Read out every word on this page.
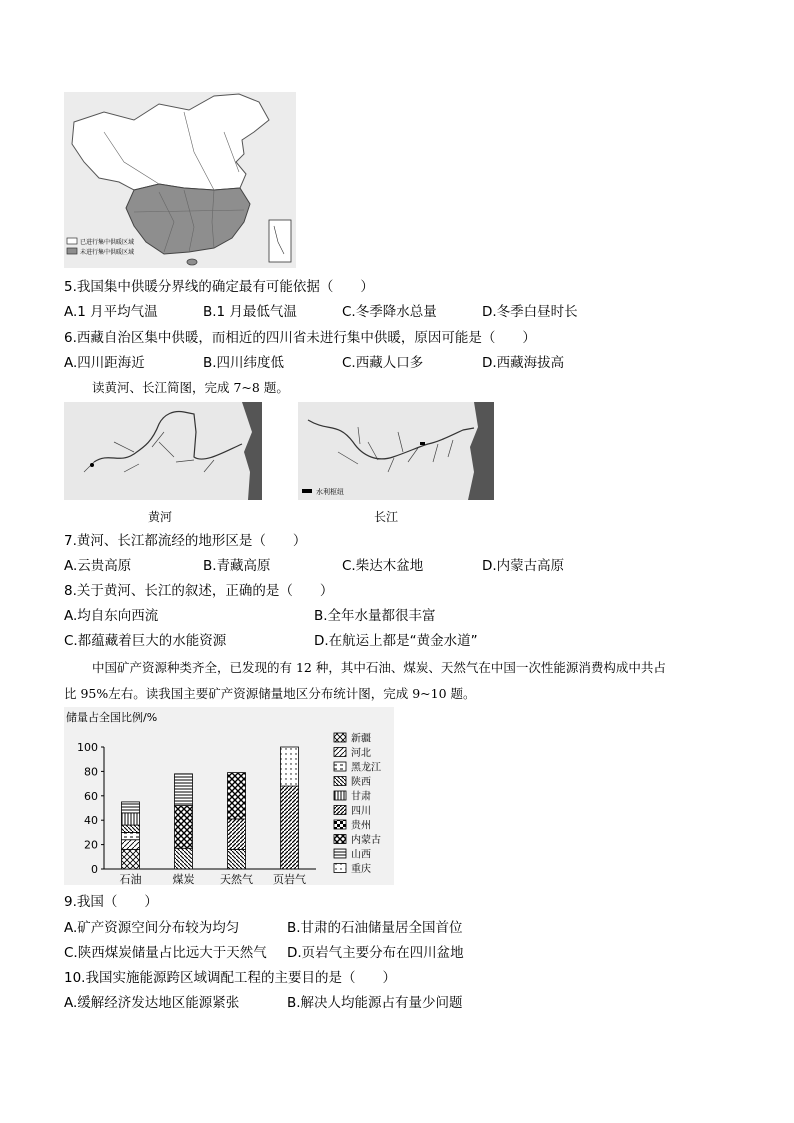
已进行集中供暖区域
未进行集中供暖区域
5.我国集中供暖分界线的确定最有可能依据（　　）
A.1 月平均气温	B.1 月最低气温	C.冬季降水总量	D.冬季白昼时长
6.西藏自治区集中供暖，而相近的四川省未进行集中供暖，原因可能是（　　）
A.四川距海近	B.四川纬度低	C.西藏人口多	D.西藏海拔高
读黄河、长江简图，完成 7~8 题。
黄河
水利枢纽
长江
7.黄河、长江都流经的地形区是（　　）
A.云贵高原	B.青藏高原	C.柴达木盆地	D.内蒙古高原
8.关于黄河、长江的叙述，正确的是（　　）
A.均自东向西流	B.全年水量都很丰富
C.都蕴藏着巨大的水能资源	D.在航运上都是“黄金水道”
中国矿产资源种类齐全，已发现的有 12 种，其中石油、煤炭、天然气在中国一次性能源消费构成中共占
比 95%左右。读我国主要矿产资源储量地区分布统计图，完成 9~10 题。
储量占全国比例/%
0
20
40
60
80
100
石油	煤炭 天然气 页岩气
新疆
河北
黑龙江
陕西
甘肃
四川
贵州
内蒙古
山西
重庆
9.我国（　　）
A.矿产资源空间分布较为均匀	B.甘肃的石油储量居全国首位
C.陕西煤炭储量占比远大于天然气 D.页岩气主要分布在四川盆地
10.我国实施能源跨区域调配工程的主要目的是（　　）
A.缓解经济发达地区能源紧张	B.解决人均能源占有量少问题
